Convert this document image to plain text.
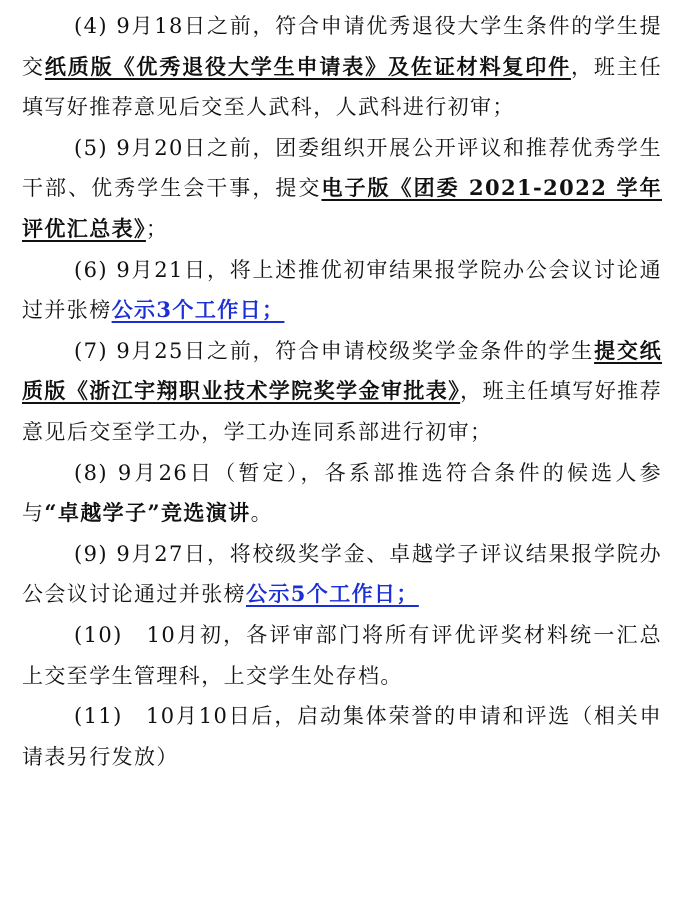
(4) 9月18日之前，符合申请优秀退役大学生条件的学生提交纸质版《优秀退役大学生申请表》及佐证材料复印件，班主任填写好推荐意见后交至人武科，人武科进行初审；

(5) 9月20日之前，团委组织开展公开评议和推荐优秀学生干部、优秀学生会干事，提交电子版《团委 2021-2022 学年评优汇总表》；

(6) 9月21日，将上述推优初审结果报学院办公会议讨论通过并张榜公示3个工作日；

(7) 9月25日之前，符合申请校级奖学金条件的学生提交纸质版《浙江宇翔职业技术学院奖学金审批表》，班主任填写好推荐意见后交至学工办，学工办连同系部进行初审；

(8) 9月26日（暂定），各系部推选符合条件的候选人参与“卓越学子”竞选演讲。

(9) 9月27日，将校级奖学金、卓越学子评议结果报学院办公会议讨论通过并张榜公示5个工作日；

(10)　10月初，各评审部门将所有评优评奖材料统一汇总上交至学生管理科，上交学生处存档。

(11)　10月10日后，启动集体荣誉的申请和评选（相关申请表另行发放）
